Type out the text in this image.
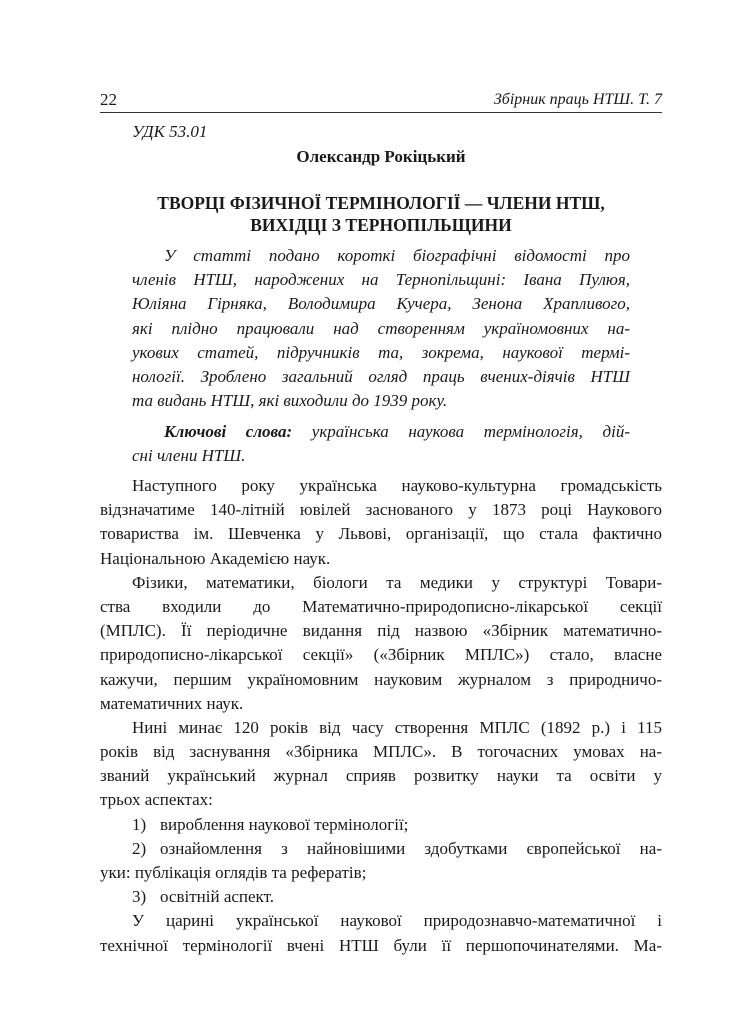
22	Збірник праць НТШ. Т. 7
УДК 53.01
Олександр Рокіцький
ТВОРЦІ ФІЗИЧНОЇ ТЕРМІНОЛОГІЇ — ЧЛЕНИ НТШ,
ВИХІДЦІ З ТЕРНОПІЛЬЩИНИ
У статті подано короткі біографічні відомості про
членів НТШ, народжених на Тернопільщині: Івана Пулюя,
Юліяна Гірняка, Володимира Кучера, Зенона Храпливого,
які плідно працювали над створенням україномовних на-
укових статей, підручників та, зокрема, наукової термі-
нології. Зроблено загальний огляд праць вчених-діячів НТШ
та видань НТШ, які виходили до 1939 року.
Ключові слова: українська наукова термінологія, дій-
сні члени НТШ.
Наступного року українська науково-культурна громадськість
відзначатиме 140-літній ювілей заснованого у 1873 році Наукового
товариства ім. Шевченка у Львові, організації, що стала фактично
Національною Академією наук.
Фізики, математики, біологи та медики у структурі Товари-
ства входили до Математично-природописно-лікарської секції
(МПЛС). Її періодичне видання під назвою «Збірник математично-
природописно-лікарської секції» («Збірник МПЛС») стало, власне
кажучи, першим україномовним науковим журналом з природничо-
математичних наук.
Нині минає 120 років від часу створення МПЛС (1892 р.) і 115
років від заснування «Збірника МПЛС». В тогочасних умовах на-
званий український журнал сприяв розвитку науки та освіти у
трьох аспектах:
1) вироблення наукової термінології;
2) ознайомлення з найновішими здобутками європейської на-
уки: публікація оглядів та рефератів;
3) освітній аспект.
У царині української наукової природознавчо-математичної і
технічної термінології вчені НТШ були її першопочинателями. Ма-
